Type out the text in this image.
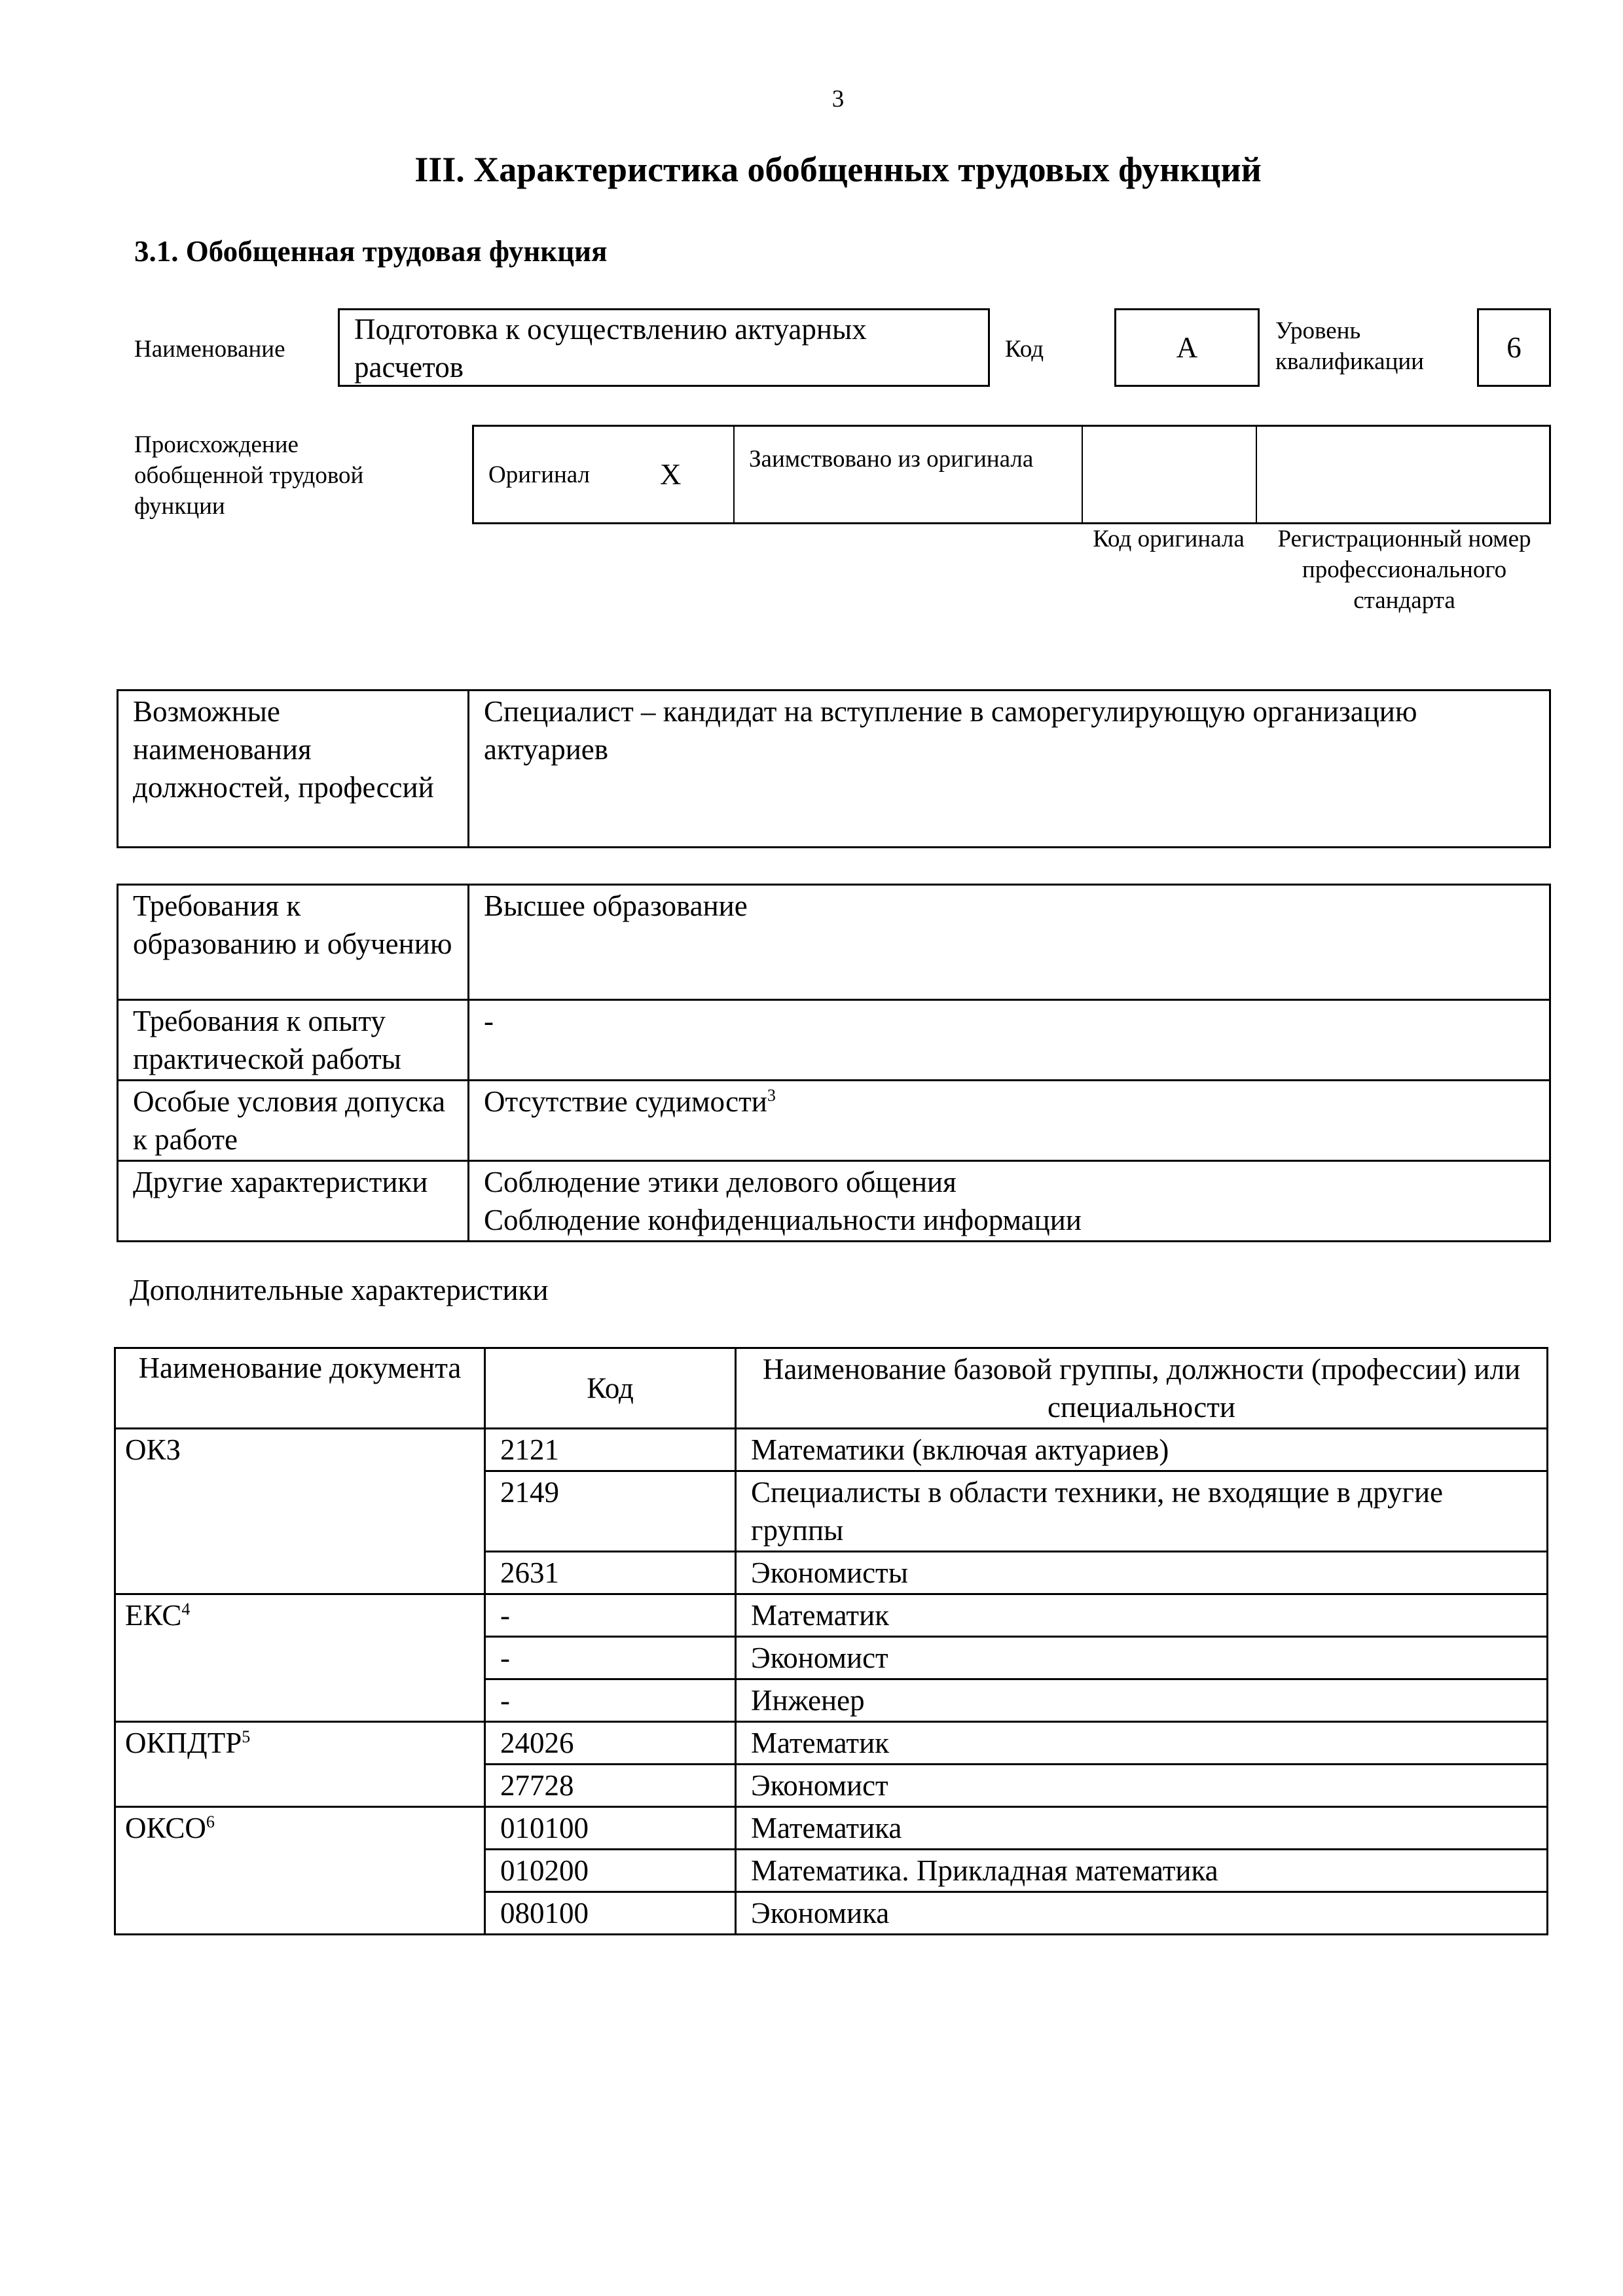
3
III. Характеристика обобщенных трудовых функций
3.1. Обобщенная трудовая функция
Наименование
Подготовка к осуществлению актуарных расчетов
Код	A
Уровень квалификации	6
Происхождение обобщенной трудовой функции
Оригинал X	Заимствовано из оригинала
Код оригинала	Регистрационный номер профессионального стандарта
Возможные наименования должностей, профессий	Специалист – кандидат на вступление в саморегулирующую организацию актуариев
Требования к образованию и обучению	Высшее образование
Требования к опыту практической работы	-
Особые условия допуска к работе	Отсутствие судимости$^3$
Другие характеристики	Соблюдение этики делового общения
Соблюдение конфиденциальности информации
Дополнительные характеристики
Наименование документа	Код	Наименование базовой группы, должности (профессии) или специальности
ОКЗ	2121	Математики (включая актуариев)
	2149	Специалисты в области техники, не входящие в другие группы
	2631	Экономисты
ЕКС$^4$	-	Математик
	-	Экономист
	-	Инженер
ОКПДТР$^5$	24026	Математик
	27728	Экономист
ОКСО$^6$	010100	Математика
	010200	Математика. Прикладная математика
	080100	Экономика
